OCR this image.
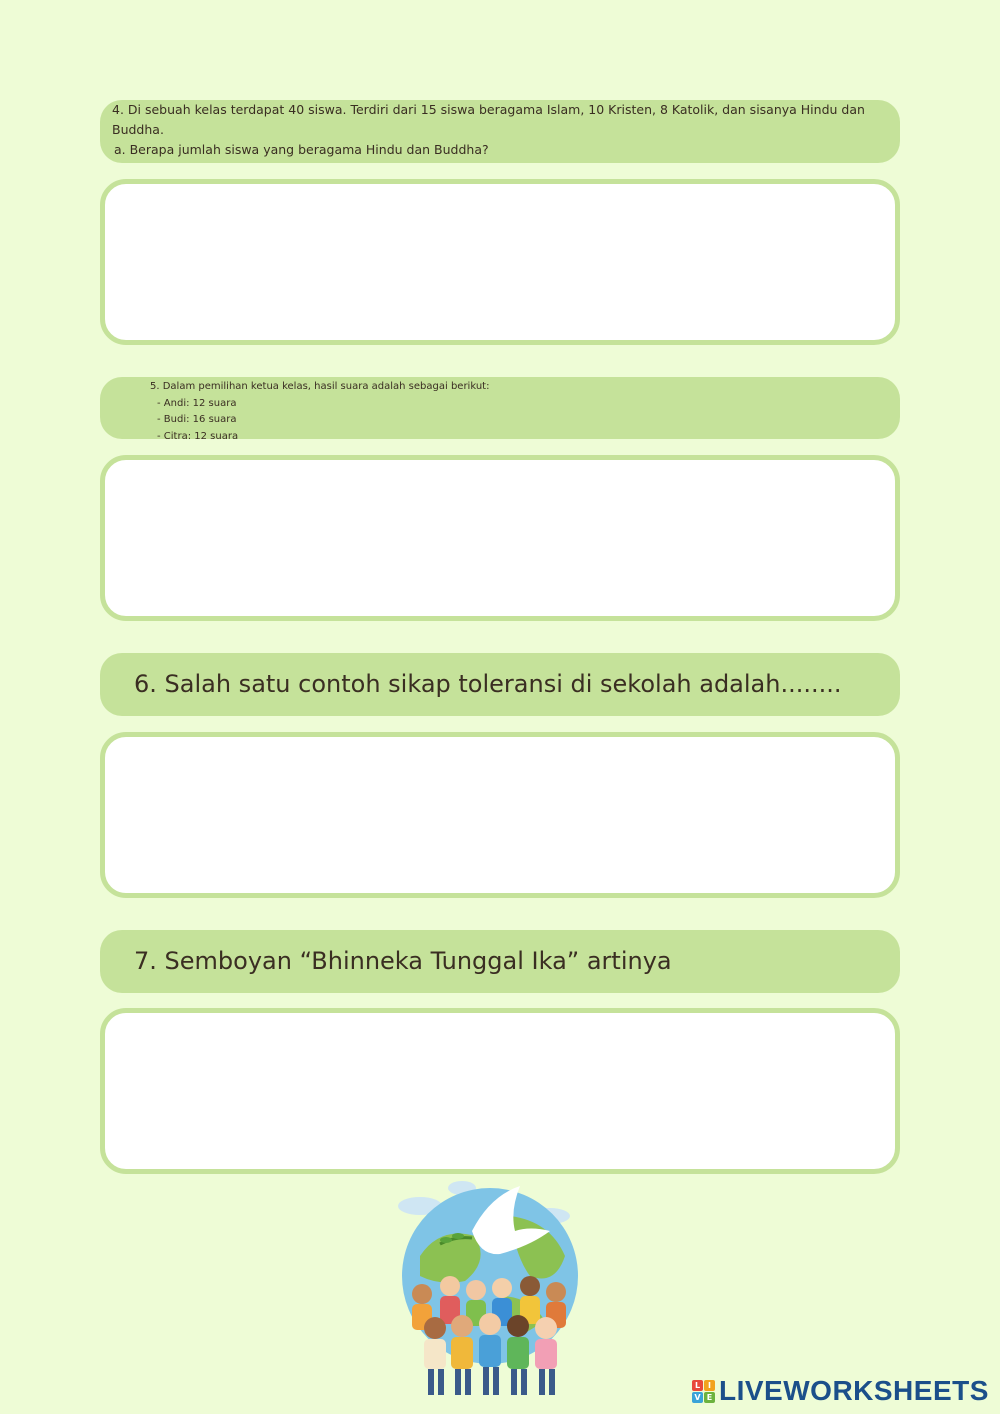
4. Di sebuah kelas terdapat 40 siswa. Terdiri dari 15 siswa beragama Islam, 10 Kristen, 8 Katolik, dan sisanya Hindu dan Buddha.
a. Berapa jumlah siswa yang beragama Hindu dan Buddha?
5. Dalam pemilihan ketua kelas, hasil suara adalah sebagai berikut:
- Andi: 12 suara
- Budi: 16 suara
- Citra: 12 suara
6. Salah satu contoh sikap toleransi di sekolah adalah........
7. Semboyan “Bhinneka Tunggal Ika” artinya
L I
V E LIVEWORKSHEETS
